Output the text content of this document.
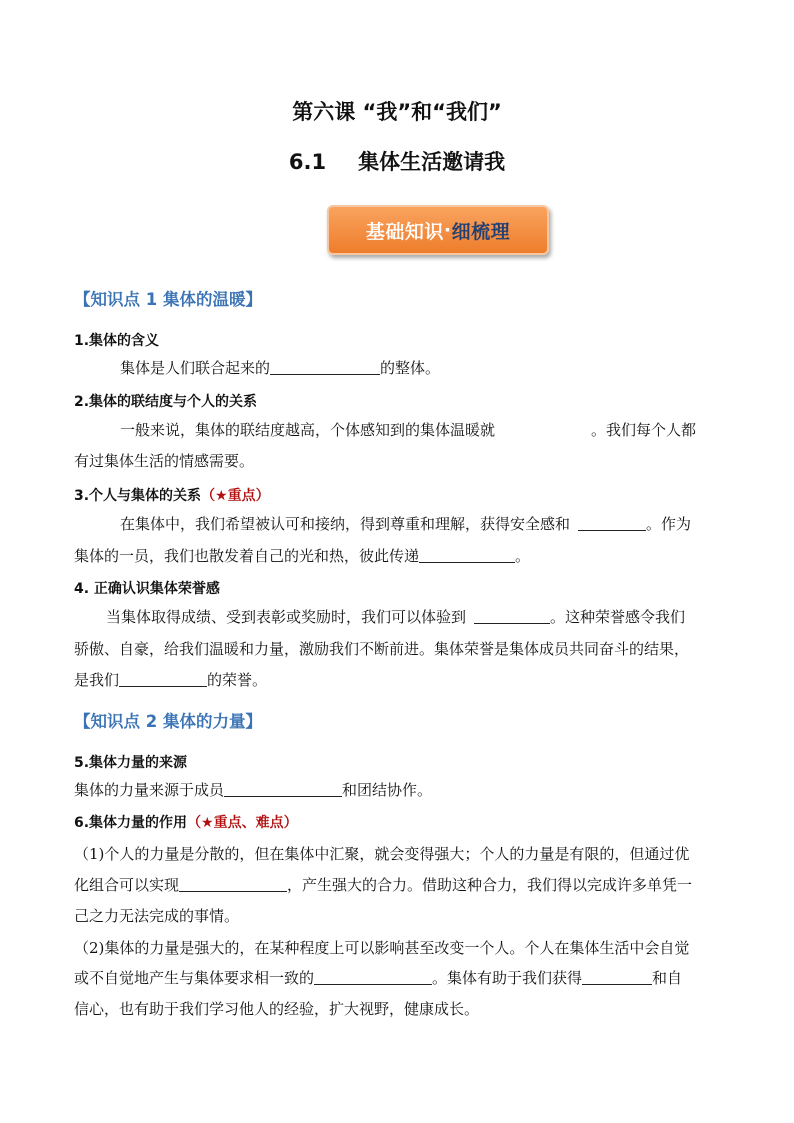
第六课 “我”和“我们”
6.1 集体生活邀请我
基础知识 · 细梳理
【知识点 1 集体的温暖】
1.集体的含义
集体是人们联合起来的	的整体。
2.集体的联结度与个人的关系
一般来说，集体的联结度越高，个体感知到的集体温暖就	。我们每个人都
有过集体生活的情感需要。
3.个人与集体的关系（★重点）
在集体中，我们希望被认可和接纳，得到尊重和理解，获得安全感和	。作为
集体的一员，我们也散发着自己的光和热，彼此传递	。
4. 正确认识集体荣誉感
当集体取得成绩、受到表彰或奖励时，我们可以体验到	。这种荣誉感令我们
骄傲、自豪，给我们温暖和力量，激励我们不断前进。集体荣誉是集体成员共同奋斗的结果，
是我们	的荣誉。
【知识点 2 集体的力量】
5.集体力量的来源
集体的力量来源于成员	和团结协作。
6.集体力量的作用（★重点、难点）
（1)个人的力量是分散的，但在集体中汇聚，就会变得强大；个人的力量是有限的，但通过优
化组合可以实现	，产生强大的合力。借助这种合力，我们得以完成许多单凭一
己之力无法完成的事情。
（2)集体的力量是强大的，在某种程度上可以影响甚至改变一个人。个人在集体生活中会自觉
或不自觉地产生与集体要求相一致的	。集体有助于我们获得	和自
信心，也有助于我们学习他人的经验，扩大视野，健康成长。
